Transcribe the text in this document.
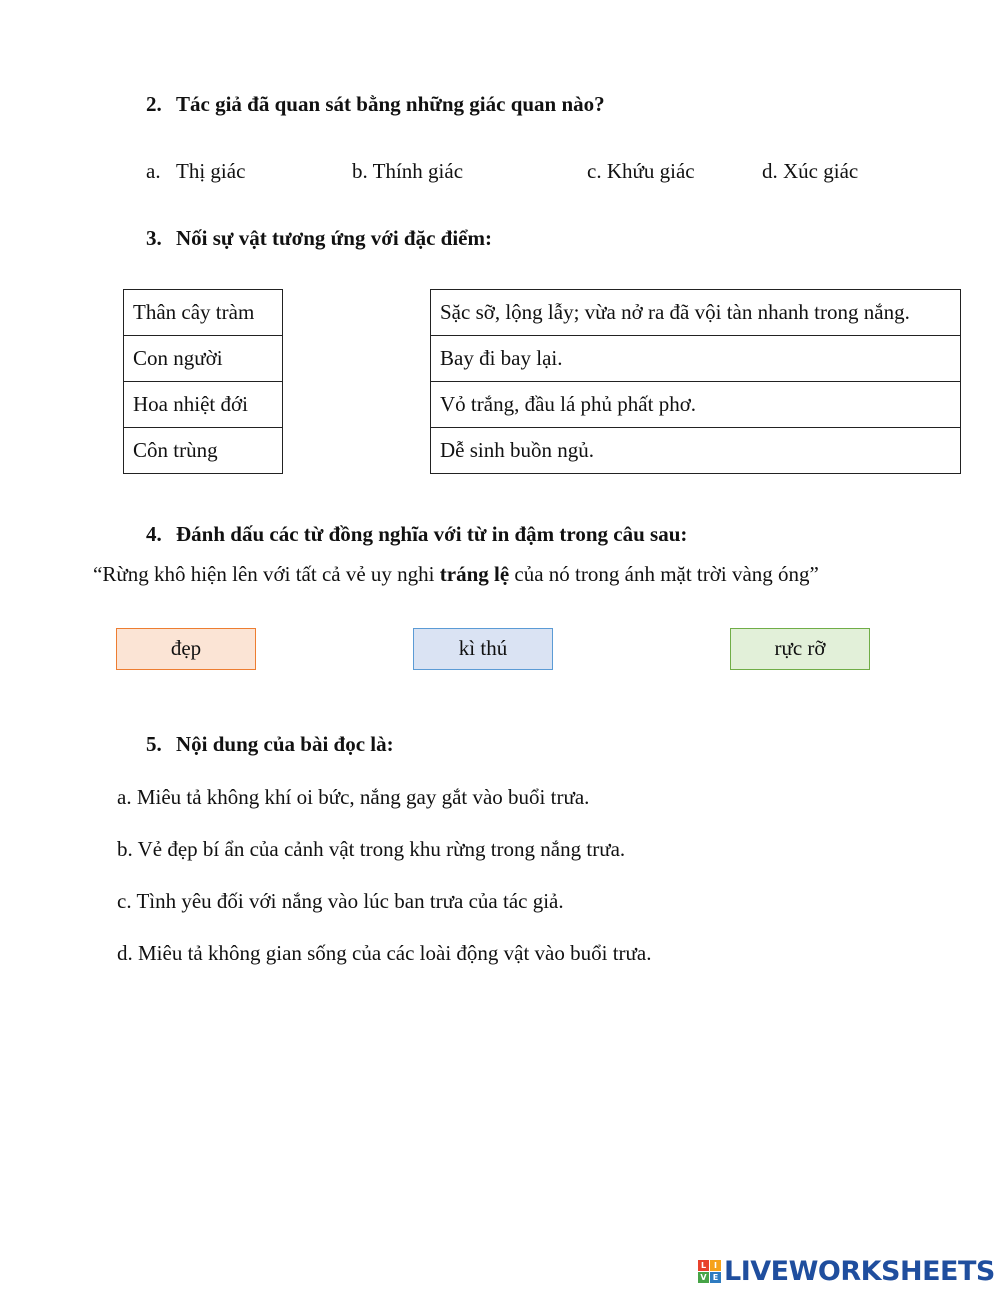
2. Tác giả đã quan sát bằng những giác quan nào?
a. Thị giác	b. Thính giác	c. Khứu giác	d. Xúc giác
3. Nối sự vật tương ứng với đặc điểm:
Thân cây tràm
Con người
Hoa nhiệt đới
Côn trùng
Sặc sỡ, lộng lẫy; vừa nở ra đã vội tàn nhanh trong nắng.
Bay đi bay lại.
Vỏ trắng, đầu lá phủ phất phơ.
Dễ sinh buồn ngủ.
4. Đánh dấu các từ đồng nghĩa với từ in đậm trong câu sau:
“Rừng khô hiện lên với tất cả vẻ uy nghi tráng lệ của nó trong ánh mặt trời vàng óng”
đẹp	kì thú	rực rỡ
5. Nội dung của bài đọc là:
a. Miêu tả không khí oi bức, nắng gay gắt vào buổi trưa.
b. Vẻ đẹp bí ẩn của cảnh vật trong khu rừng trong nắng trưa.
c. Tình yêu đối với nắng vào lúc ban trưa của tác giả.
d. Miêu tả không gian sống của các loài động vật vào buổi trưa.
L I
V E LIVEWORKSHEETS
